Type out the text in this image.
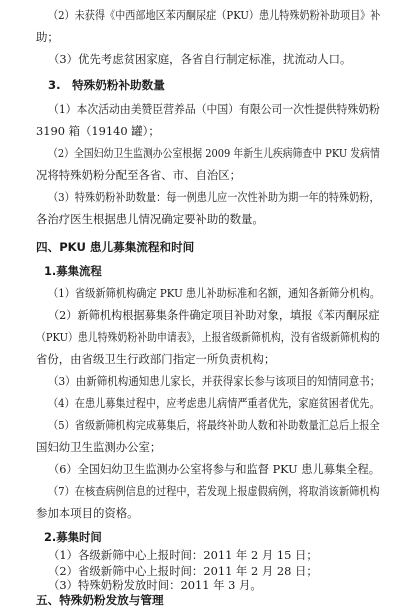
（2）未获得《中西部地区苯丙酮尿症（PKU）患儿特殊奶粉补助项目》补
助；
（3）优先考虑贫困家庭，各省自行制定标准，扰流动人口。
3.　特殊奶粉补助数量
（1）本次活动由美赞臣营养品（中国）有限公司一次性提供特殊奶粉
3190 箱（19140 罐）；
（2）全国妇幼卫生监测办公室根据 2009 年新生儿疾病筛查中 PKU 发病情
况将特殊奶粉分配至各省、市、自治区；
（3）特殊奶粉补助数量：每一例患儿应一次性补助为期一年的特殊奶粉，
各治疗医生根据患儿情况确定要补助的数量。
四、PKU 患儿募集流程和时间
1.募集流程
（1）省级新筛机构确定 PKU 患儿补助标准和名额，通知各新筛分机构。
（2）新筛机构根据募集条件确定项目补助对象，填报《苯丙酮尿症
（PKU）患儿特殊奶粉补助申请表》，上报省级新筛机构，没有省级新筛机构的
省份，由省级卫生行政部门指定一所负责机构；
（3）由新筛机构通知患儿家长，并获得家长参与该项目的知情同意书；
（4）在患儿募集过程中，应考虑患儿病情严重者优先，家庭贫困者优先。
（5）省级新筛机构完成募集后，将最终补助人数和补助数量汇总后上报全
国妇幼卫生监测办公室；
（6）全国妇幼卫生监测办公室将参与和监督 PKU 患儿募集全程。
（7）在核查病例信息的过程中，若发现上报虚假病例，将取消该新筛机构
参加本项目的资格。
2.募集时间
（1）各级新筛中心上报时间：2011 年 2 月 15 日；
（2）省级新筛中心上报时间：2011 年 2 月 28 日；
（3）特殊奶粉发放时间：2011 年 3 月。
五、特殊奶粉发放与管理
